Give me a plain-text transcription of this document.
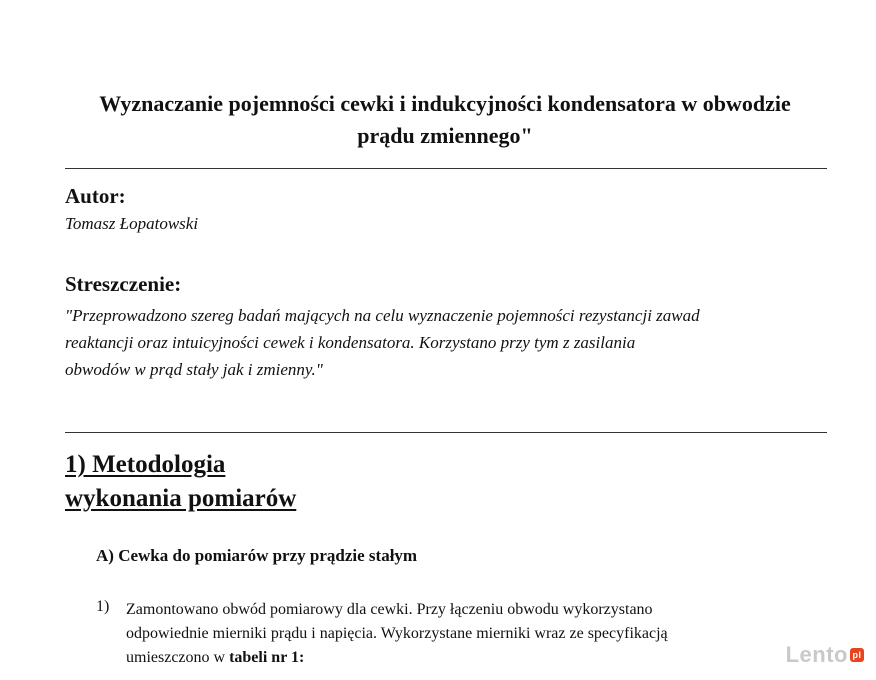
Wyznaczanie pojemności cewki i indukcyjności kondensatora w obwodzie
prądu zmiennego"
Autor:
Tomasz Łopatowski
Streszczenie:
"Przeprowadzono szereg badań mających na celu wyznaczenie pojemności rezystancji zawad
reaktancji oraz intuicyjności cewek i kondensatora. Korzystano przy tym z zasilania
obwodów w prąd stały jak i zmienny."
1) Metodologia
wykonania pomiarów
A) Cewka do pomiarów przy prądzie stałym
1) Zamontowano obwód pomiarowy dla cewki. Przy łączeniu obwodu wykorzystano
odpowiednie mierniki prądu i napięcia. Wykorzystane mierniki wraz ze specyfikacją
umieszczono w tabeli nr 1:	Lento pl
